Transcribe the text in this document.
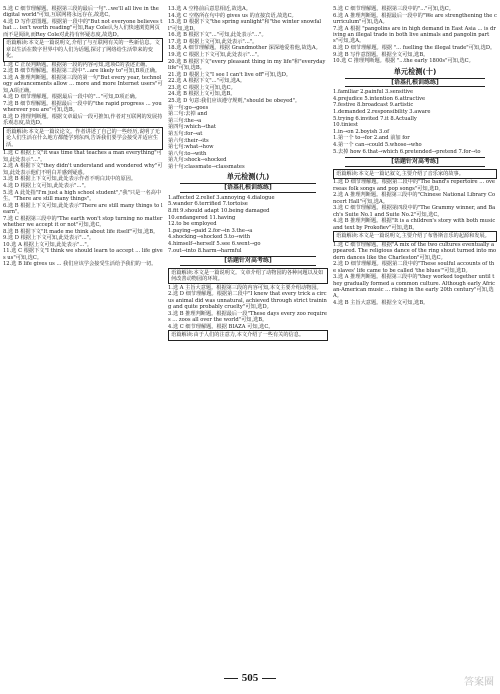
5.选 C 细节理解题。根据第三段的最后一句"...we'll all live in the digital world"可知,互联网将永远存在,故选C。

4.选 D 写作意图题。根据第一段中的"But not everyone believes that ... isn't worth reading"可知,Ray Cole认为人们快速浏览网页而不是阅读,而Rey Cole对此持有怀疑态度,故选D。

语篇解读:本文是一篇说明文,介绍了与互联网有关的一些新信息。文章以生活在数字世界中的人们为话题,探讨了网络给生活带来的变化。

1.选 C 正误判断题。根据第一段的内容可知,选项C的表述正确。

2.选 B 细节理解题。根据第二段中"...are likely to"可知,B项正确。

3.选 A 推理判断题。根据第三段的第一句"But every year, technology advancements allow ... more and more Internet users"可知,A项正确。

4.选 D 细节理解题。根据最后一段中的"..."可知,D项正确。

7.选 B 细节理解题。根据最后一段中的"the rapid progress ... you wherever you are"可知,选B。

8.选 D 推理判断题。根据文章最后一段可推知,作者对互联网的发展持乐观态度,故选D。

语篇解读:本文是一篇议论文。作者讲述了自己的一些经历,说明了无论人们生活在什么地方都能学到东西,告诉我们要学会接受并适应生活。

1.选 C 根据上文"it was time that teaches a man everything"可知,此处表示"..."。

2.选 A 根据下文"they didn't understand and wondered why"可知,此处表示他们不明白并感到疑惑。

3.选 B 根据上下文可知,此处表示作者不明白其中的原因。

4.选 D 根据上文可知,此处表示"..."。

5.选 A 此处指"I'm just a high school student","我"只是一名高中生。"There are still many things"。

6.选 B 根据上下文可知,此处表示"There are still many things to learn"。

7.选 C 根据第三段中的"The earth won't stop turning no matter whether we accept it or not"可知,选C。

8.选 B 根据下文"It made me think about life itself"可知,选B。

9.选 D 根据上下文可知,此处表示"..."。

10.选 A 根据上文可知,此处表示"..."。

11.选 C 根据下文"I think we should learn to accept ... life gives us"可知,选C。

12.选 B life gives us ... 我们应该学会接受生活给予我们的一切。

13.选 A 空格前后意思相近,故选A。

14.选 C 空格所在句中的 gives us 的直接宾语,故选C。

15.选 D 根据下文"the spring sunlight"和"the winter snowfall"可知,选D。

16.选 B 根据下文"..."可知,此处表示"..."。

17.选 D 根据上文可知,此处表示"..."。

18.选 A 细节理解题。根据 Grandmother 深深地爱着他,故选A。

19.选 C 根据上下文可知,此处表示"..."。

20.选 B 根据下文"every pleasant thing in my life"和"everyday life"可知,选B。

21.选 D 根据上文"I see I can't live off"可知,选D。

22.选 A 根据下文"..."可知,选A。

23.选 C 根据上文可知,选C。

24.选 B 根据上文可知,选B。

25.选 D 句意:我们应该遵守规则,"should be obeyed"。

第一句:go→goes

第二句:去掉 and

第三句:the→a

第四句:which→that

第五句:for→at

第六句:their→its

第七句:what→how

第八句:to→with

第九句:shock→shocked

第十句:classmate→classmates

单元检测(九)
[语基扎根训练练]

1.affected 2.relief 3.annoying 4.dialogue

5.wander 6.terrified 7.tortoise

8.fit 9.should adapt 10.being damaged

10.endangered 11.having

12.to be employed

1.paying→paid 2.for→in 3.the→a

4.shocking→shocked 5.to→with

4.himself→herself 5.see 6.went→go

7.out→into 8.harm→harmful

[话题针对高考练]

语篇解读:本文是一篇说明文。文章介绍了动物园的各种问题以及如何改善动物园的环境。

1.选 A 主旨大意题。根据第三段的内容可知,本文主要介绍动物园。

2.选 D 细节理解题。根据第二段中"I knew that every trick a circus animal did was unnatural, achieved through strict training and quite probably cruelty"可知,选D。

3.选 B 推理判断题。根据最后一段"These days every zoo requires ... zoos all over the world"可知,选B。

4.选 C 细节理解题。根据 BIAZA 可知,选C。

语篇解读:由于人们的注意力,本文介绍了一些有关的信息。

5.选 C 细节理解题。根据第三段中的"..."可知,选C。

6.选 A 推理判断题。根据最后一段中的"We are strengthening the curriculum"可知,选A。

7.选 A 根据 "pangolins are in high demand in East Asia ... is driving an illegal trade in both live animals and pangolin parts"可知,选A。

8.选 D 细节理解题。根据 "... fuelling the illegal trade"可知,选D。

9.选 B 写作意图题。根据全文可知,选B。

10.选 C 推理判断题。根据 "...the early 1800s"可知,选C。

单元检测(十)
[语基扎根训练练]

1.familiar 2.painful 3.sensitive

4.prejudice 5.intention 6.attractive

7.festive 8.broadcast 9.artistic

1.demanded 2.responsibility 3.aware

5.trying 6.invited 7.it 8.Actually

10.tiniest

1.in→on 2.boyish 3.of

1.第一个 to→for 2.and 前加 for

4.第一个 can→could 5.whose→who

5.去掉 how 6.that→which 6.pretended→pretend 7.for→to

[话题针对高考练]

语篇解读:本文是一篇记叙文,主要介绍了音乐家的故事。

1.选 D 细节理解题。根据第二段中的"The band's repertoire ... overseas folk songs and pop songs"可知,选D。

2.选 A 推理判断题。根据第三段中的"Chinese National Library Concert Hall"可知,选A。

3.选 C 细节理解题。根据第四段中的"The Grammy winner, and Bach's Suite No.1 and Suite No.2"可知,选C。

4.选 B 推理判断题。根据"It is a children's story with both music and text by Prokofiev"可知,选B。

语篇解读:本文是一篇说明文,主要介绍了布鲁斯音乐的起源和发展。

1.选 C 细节理解题。根据"A mix of the two cultures eventually appeared. The religious dance of the ring shout turned into modern dances like the Charleston"可知,选C。

2.选 D 细节理解题。根据第二段中的"These soulful accounts of the slaves' life came to be called 'the blues'"可知,选D。

3.选 A 推理判断题。根据第三段中的"they worked together until they gradually formed a common culture. Although early African-American music ... rising in the early 20th century"可知,选A。

4.选 B 主旨大意题。根据全文可知,选B。

505	答案圈
